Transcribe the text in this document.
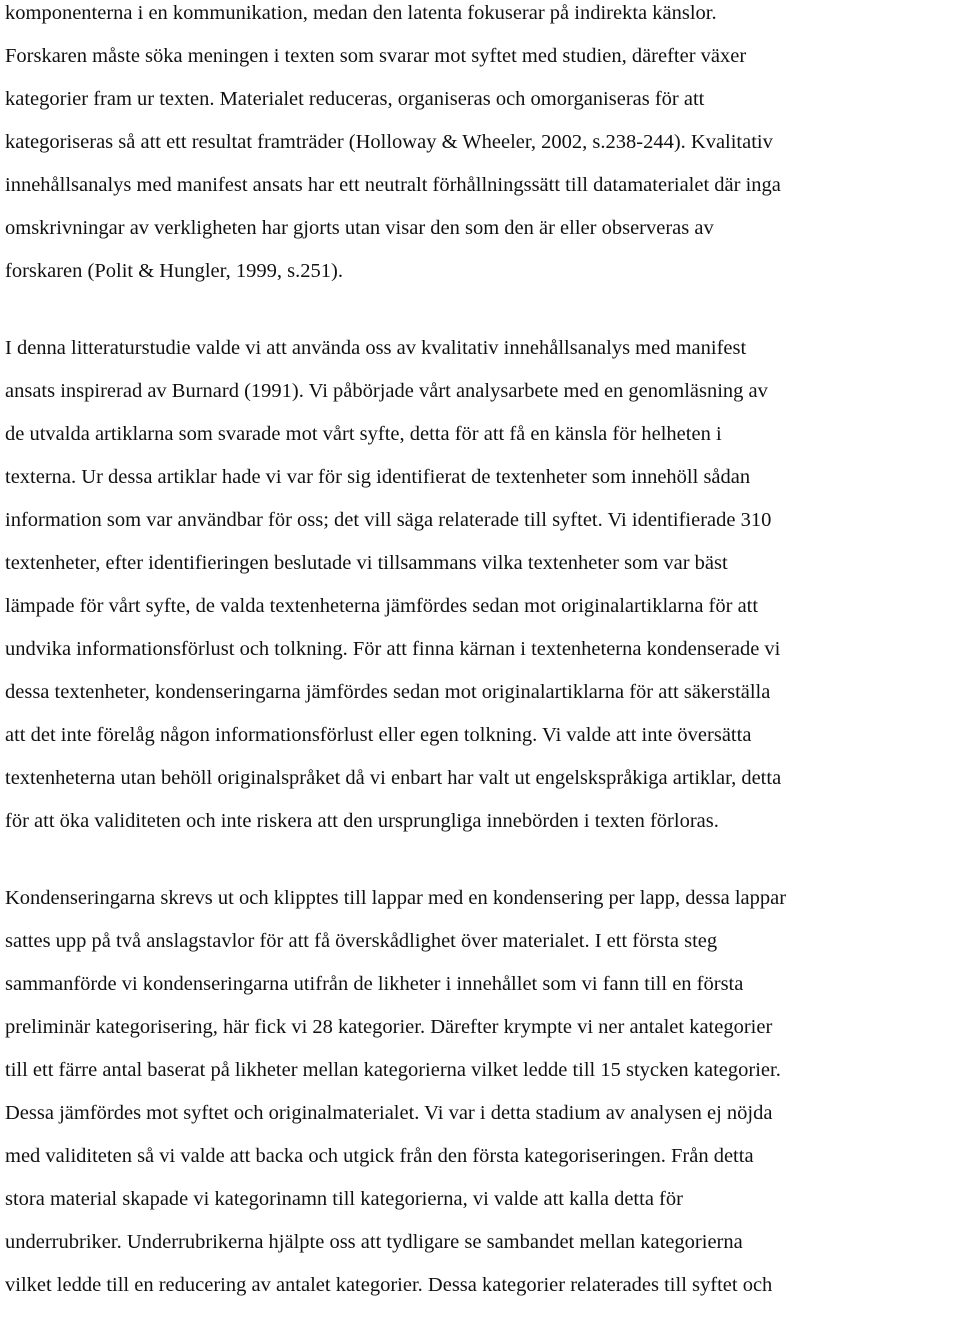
komponenterna i en kommunikation, medan den latenta fokuserar på indirekta känslor.
Forskaren måste söka meningen i texten som svarar mot syftet med studien, därefter växer
kategorier fram ur texten. Materialet reduceras, organiseras och omorganiseras för att
kategoriseras så att ett resultat framträder (Holloway & Wheeler, 2002, s.238-244). Kvalitativ
innehållsanalys med manifest ansats har ett neutralt förhållningssätt till datamaterialet där inga
omskrivningar av verkligheten har gjorts utan visar den som den är eller observeras av
forskaren (Polit & Hungler, 1999, s.251).

I denna litteraturstudie valde vi att använda oss av kvalitativ innehållsanalys med manifest
ansats inspirerad av Burnard (1991). Vi påbörjade vårt analysarbete med en genomläsning av
de utvalda artiklarna som svarade mot vårt syfte, detta för att få en känsla för helheten i
texterna. Ur dessa artiklar hade vi var för sig identifierat de textenheter som innehöll sådan
information som var användbar för oss; det vill säga relaterade till syftet. Vi identifierade 310
textenheter, efter identifieringen beslutade vi tillsammans vilka textenheter som var bäst
lämpade för vårt syfte, de valda textenheterna jämfördes sedan mot originalartiklarna för att
undvika informationsförlust och tolkning. För att finna kärnan i textenheterna kondenserade vi
dessa textenheter, kondenseringarna jämfördes sedan mot originalartiklarna för att säkerställa
att det inte förelåg någon informationsförlust eller egen tolkning. Vi valde att inte översätta
textenheterna utan behöll originalspråket då vi enbart har valt ut engelskspråkiga artiklar, detta
för att öka validiteten och inte riskera att den ursprungliga innebörden i texten förloras.

Kondenseringarna skrevs ut och klipptes till lappar med en kondensering per lapp, dessa lappar
sattes upp på två anslagstavlor för att få överskådlighet över materialet. I ett första steg
sammanförde vi kondenseringarna utifrån de likheter i innehållet som vi fann till en första
preliminär kategorisering, här fick vi 28 kategorier. Därefter krympte vi ner antalet kategorier
till ett färre antal baserat på likheter mellan kategorierna vilket ledde till 15 stycken kategorier.
Dessa jämfördes mot syftet och originalmaterialet. Vi var i detta stadium av analysen ej nöjda
med validiteten så vi valde att backa och utgick från den första kategoriseringen. Från detta
stora material skapade vi kategorinamn till kategorierna, vi valde att kalla detta för
underrubriker. Underrubrikerna hjälpte oss att tydligare se sambandet mellan kategorierna
vilket ledde till en reducering av antalet kategorier. Dessa kategorier relaterades till syftet och
